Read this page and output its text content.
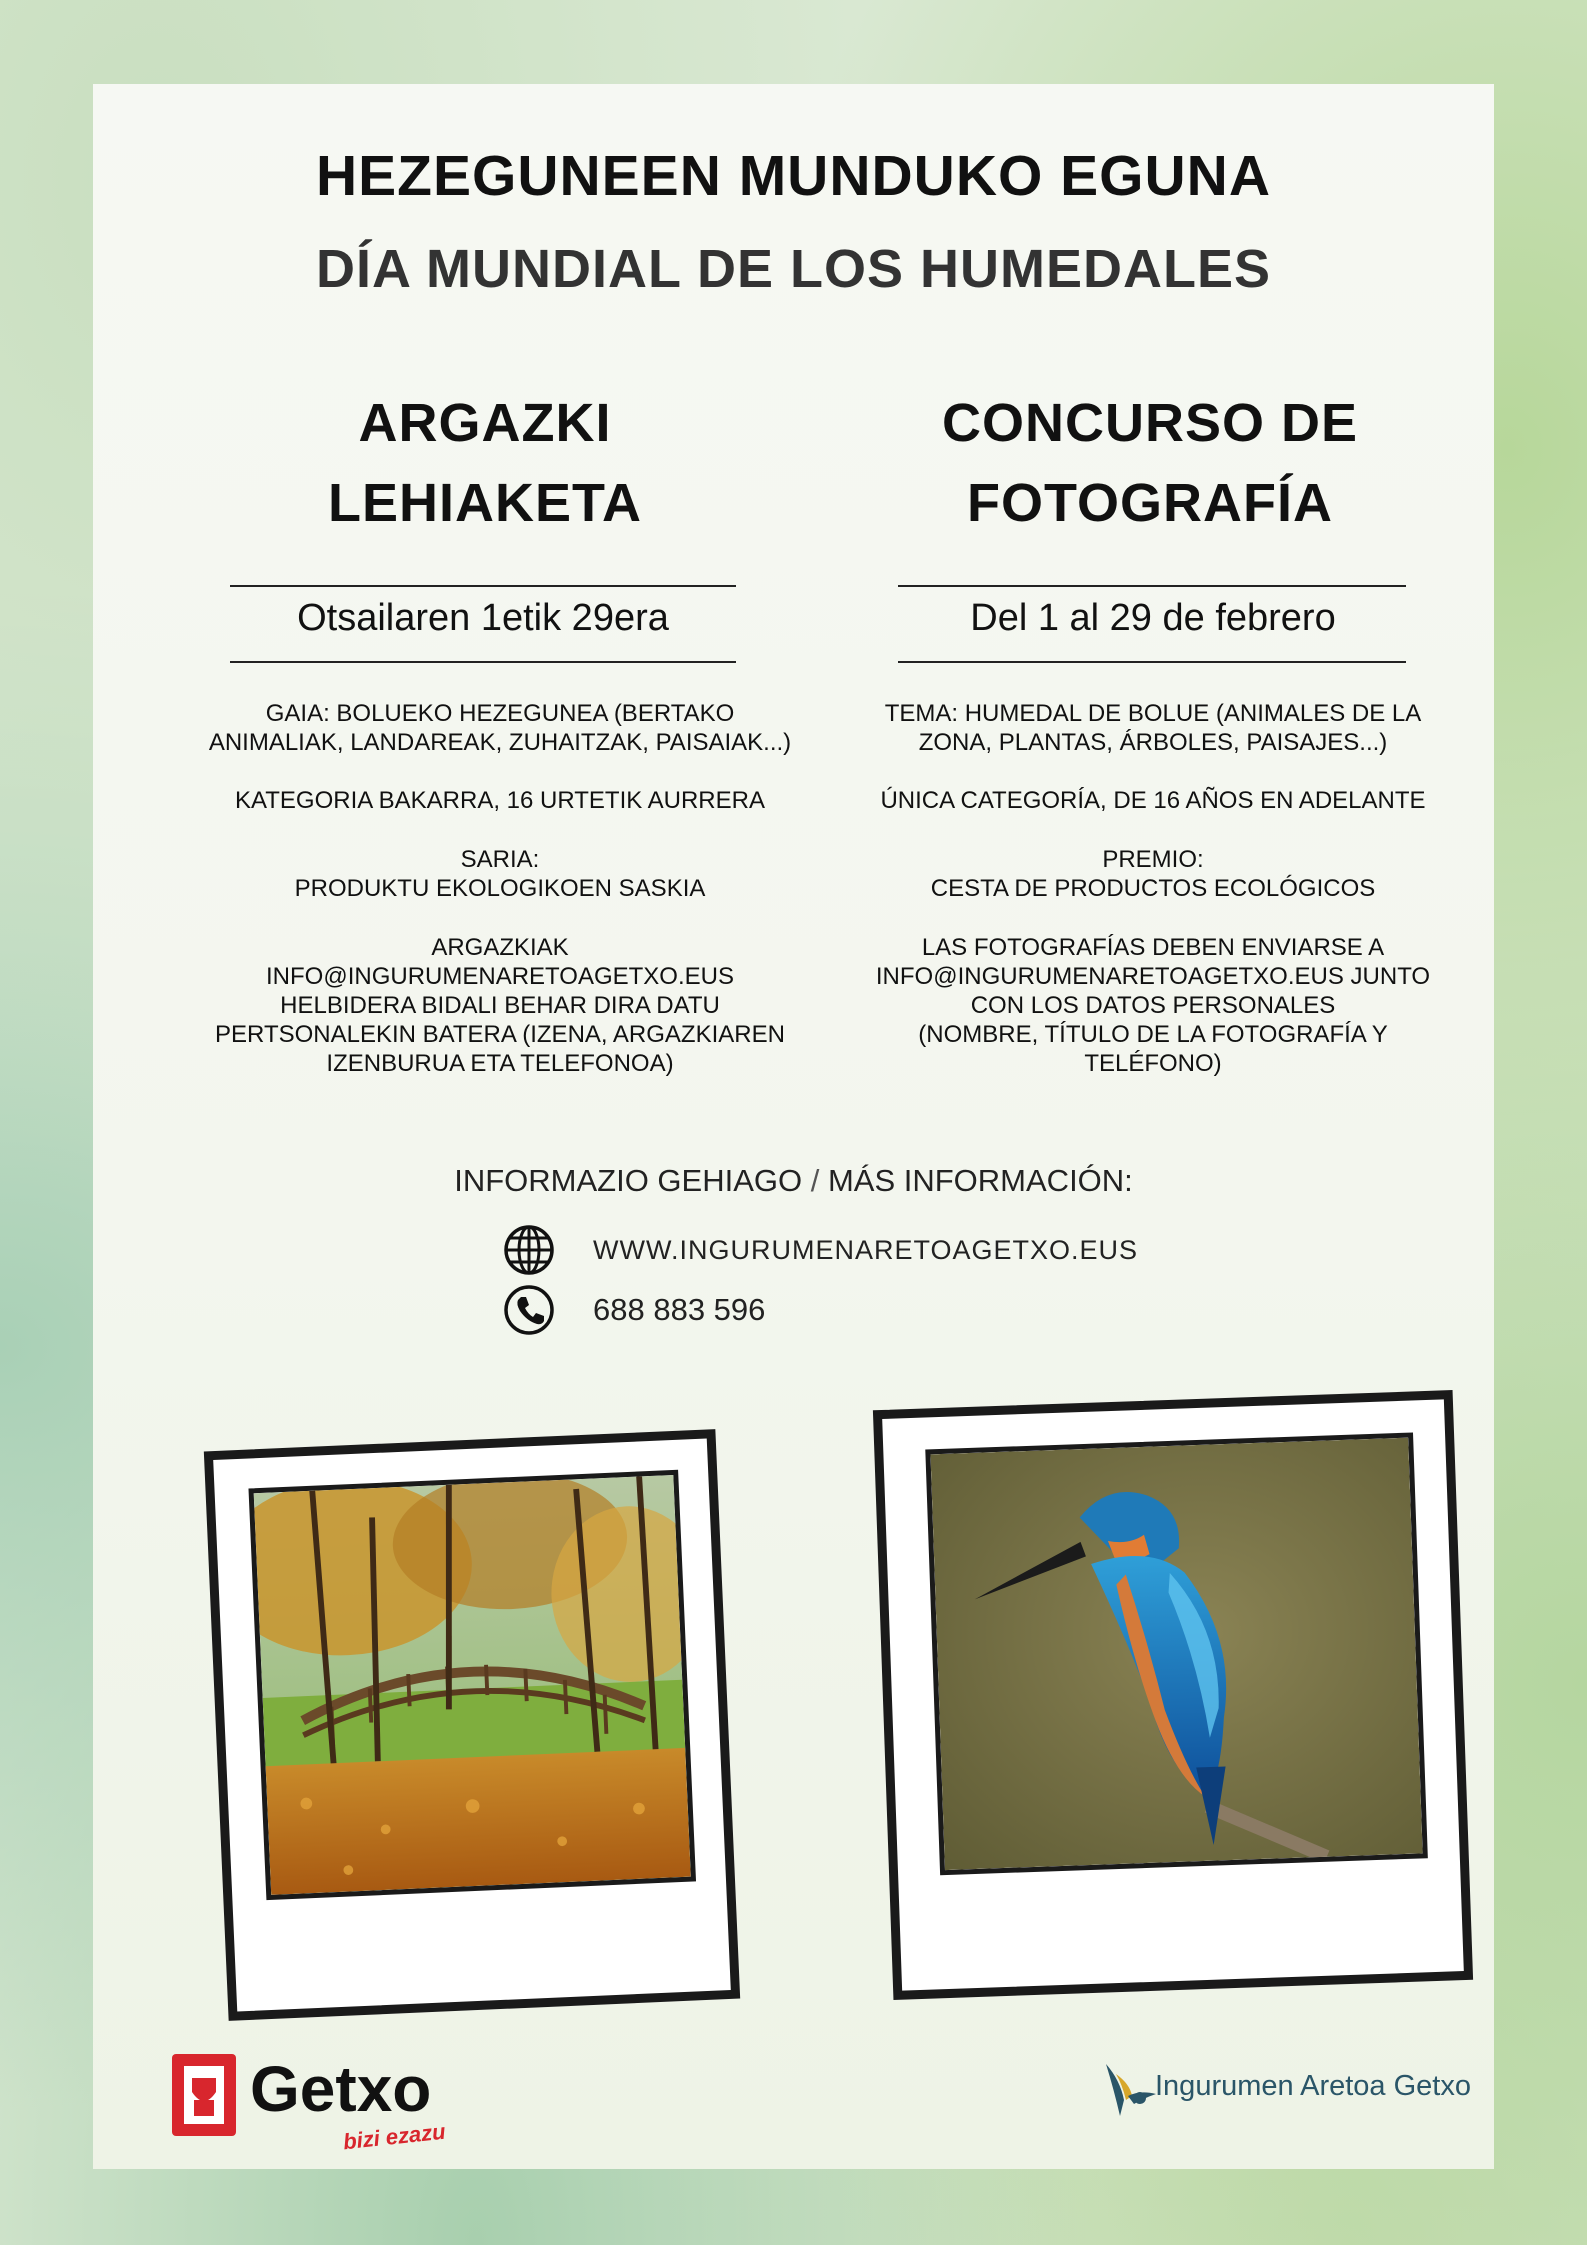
HEZEGUNEEN MUNDUKO EGUNA
DÍA MUNDIAL DE LOS HUMEDALES
ARGAZKI
LEHIAKETA
Otsailaren 1etik 29era
GAIA: BOLUEKO HEZEGUNEA (BERTAKO
ANIMALIAK, LANDAREAK, ZUHAITZAK, PAISAIAK...)
KATEGORIA BAKARRA, 16 URTETIK AURRERA
SARIA:
PRODUKTU EKOLOGIKOEN SASKIA
ARGAZKIAK
INFO@INGURUMENARETOAGETXO.EUS
HELBIDERA BIDALI BEHAR DIRA DATU
PERTSONALEKIN BATERA (IZENA, ARGAZKIAREN
IZENBURUA ETA TELEFONOA)
CONCURSO DE
FOTOGRAFÍA
Del 1 al 29 de febrero
TEMA: HUMEDAL DE BOLUE (ANIMALES DE LA
ZONA, PLANTAS, ÁRBOLES, PAISAJES...)
ÚNICA CATEGORÍA, DE 16 AÑOS EN ADELANTE
PREMIO:
CESTA DE PRODUCTOS ECOLÓGICOS
LAS FOTOGRAFÍAS DEBEN ENVIARSE A
INFO@INGURUMENARETOAGETXO.EUS JUNTO
CON LOS DATOS PERSONALES
(NOMBRE, TÍTULO DE LA FOTOGRAFÍA Y
TELÉFONO)
INFORMAZIO GEHIAGO / MÁS INFORMACIÓN:
WWW.INGURUMENARETOAGETXO.EUS
688 883 596
Getxo
bizi ezazu
Ingurumen Aretoa Getxo
